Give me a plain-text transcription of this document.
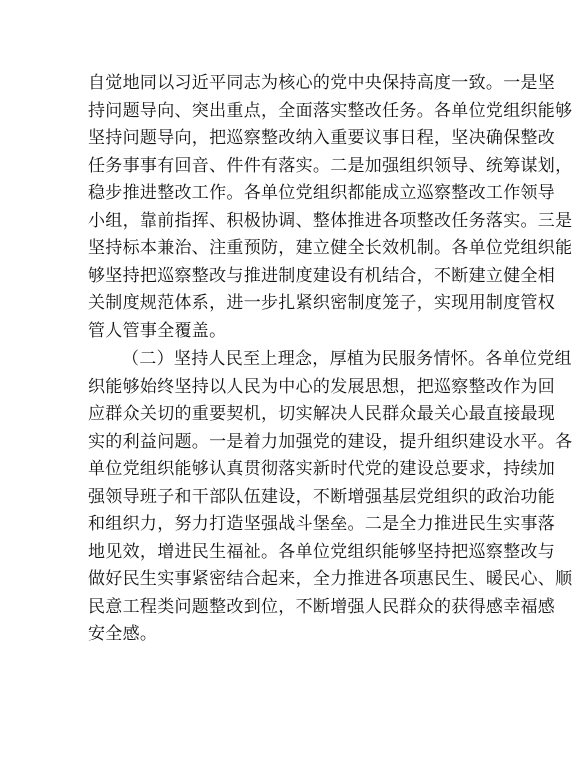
自觉地同以习近平同志为核心的党中央保持高度一致。一是坚
持问题导向、突出重点，全面落实整改任务。各单位党组织能够
坚持问题导向，把巡察整改纳入重要议事日程，坚决确保整改
任务事事有回音、件件有落实。二是加强组织领导、统筹谋划，
稳步推进整改工作。各单位党组织都能成立巡察整改工作领导
小组，靠前指挥、积极协调、整体推进各项整改任务落实。三是
坚持标本兼治、注重预防，建立健全长效机制。各单位党组织能
够坚持把巡察整改与推进制度建设有机结合，不断建立健全相
关制度规范体系，进一步扎紧织密制度笼子，实现用制度管权
管人管事全覆盖。
（二）坚持人民至上理念，厚植为民服务情怀。各单位党组
织能够始终坚持以人民为中心的发展思想，把巡察整改作为回
应群众关切的重要契机，切实解决人民群众最关心最直接最现
实的利益问题。一是着力加强党的建设，提升组织建设水平。各
单位党组织能够认真贯彻落实新时代党的建设总要求，持续加
强领导班子和干部队伍建设，不断增强基层党组织的政治功能
和组织力，努力打造坚强战斗堡垒。二是全力推进民生实事落
地见效，增进民生福祉。各单位党组织能够坚持把巡察整改与
做好民生实事紧密结合起来，全力推进各项惠民生、暖民心、顺
民意工程类问题整改到位，不断增强人民群众的获得感幸福感
安全感。
